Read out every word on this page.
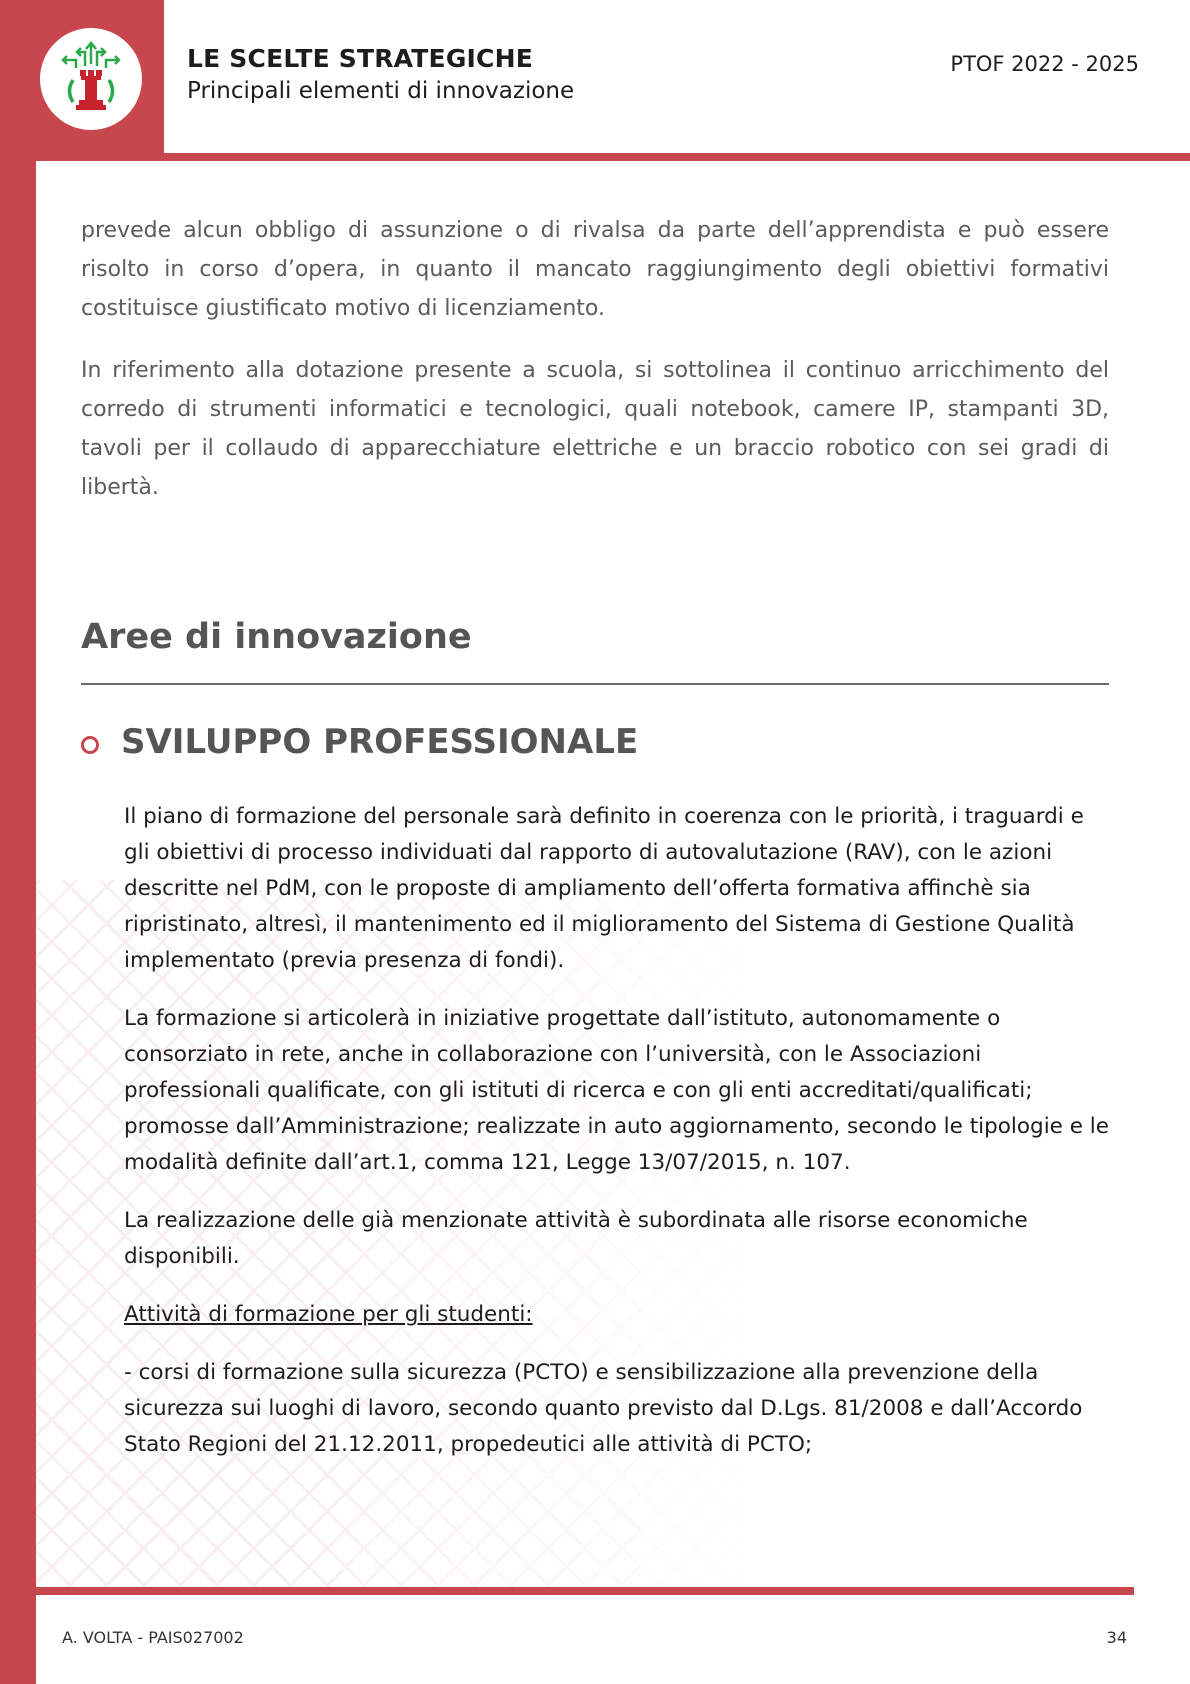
LE SCELTE STRATEGICHE
Principali elementi di innovazione
PTOF 2022 - 2025

prevede alcun obbligo di assunzione o di rivalsa da parte dell’apprendista e può essere risolto in corso d’opera, in quanto il mancato raggiungimento degli obiettivi formativi costituisce giustificato motivo di licenziamento.

In riferimento alla dotazione presente a scuola, si sottolinea il continuo arricchimento del corredo di strumenti informatici e tecnologici, quali notebook, camere IP, stampanti 3D, tavoli per il collaudo di apparecchiature elettriche e un braccio robotico con sei gradi di libertà.

Aree di innovazione
SVILUPPO PROFESSIONALE

Il piano di formazione del personale sarà definito in coerenza con le priorità, i traguardi e gli obiettivi di processo individuati dal rapporto di autovalutazione (RAV), con le azioni descritte nel PdM, con le proposte di ampliamento dell’offerta formativa affinchè sia ripristinato, altresì, il mantenimento ed il miglioramento del Sistema di Gestione Qualità implementato (previa presenza di fondi).

La formazione si articolerà in iniziative progettate dall’istituto, autonomamente o consorziato in rete, anche in collaborazione con l’università, con le Associazioni professionali qualificate, con gli istituti di ricerca e con gli enti accreditati/qualificati; promosse dall’Amministrazione; realizzate in auto aggiornamento, secondo le tipologie e le modalità definite dall’art.1, comma 121, Legge 13/07/2015, n. 107.

La realizzazione delle già menzionate attività è subordinata alle risorse economiche disponibili.

Attività di formazione per gli studenti:

- corsi di formazione sulla sicurezza (PCTO) e sensibilizzazione alla prevenzione della sicurezza sui luoghi di lavoro, secondo quanto previsto dal D.Lgs. 81/2008 e dall’Accordo Stato Regioni del 21.12.2011, propedeutici alle attività di PCTO;

A. VOLTA - PAIS027002	34
